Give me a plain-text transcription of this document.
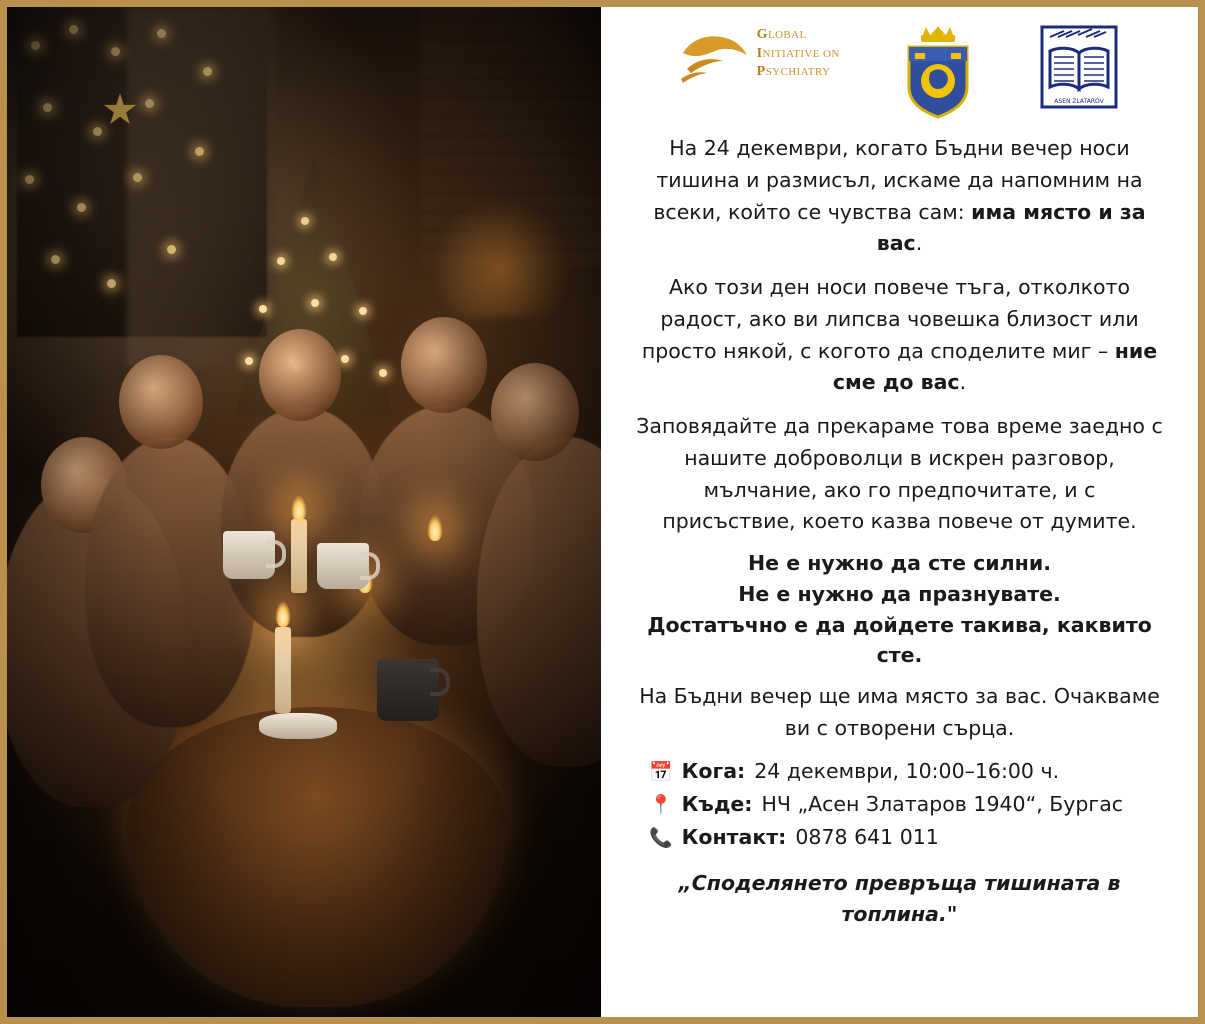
GLOBAL
INITIATIVE ON
PSYCHIATRY
ASEN ZLATAROV

На 24 декември, когато Бъдни вечер носи тишина и размисъл, искаме да напомним на всеки, който се чувства сам: има място и за вас.

Ако този ден носи повече тъга, отколкото радост, ако ви липсва човешка близост или просто някой, с когото да споделите миг – ние сме до вас.

Заповядайте да прекараме това време заедно с нашите доброволци в искрен разговор, мълчание, ако го предпочитате, и с присъствие, което казва повече от думите.

Не е нужно да сте силни.

Не е нужно да празнувате.

Достатъчно е да дойдете такива, каквито сте.

На Бъдни вечер ще има място за вас. Очакваме ви с отворени сърца.

📅 Кога: 24 декември, 10:00–16:00 ч.
📍 Къде: НЧ „Асен Златаров 1940“, Бургас
📞 Контакт: 0878 641 011
„Споделянето превръща тишината в топлина."
